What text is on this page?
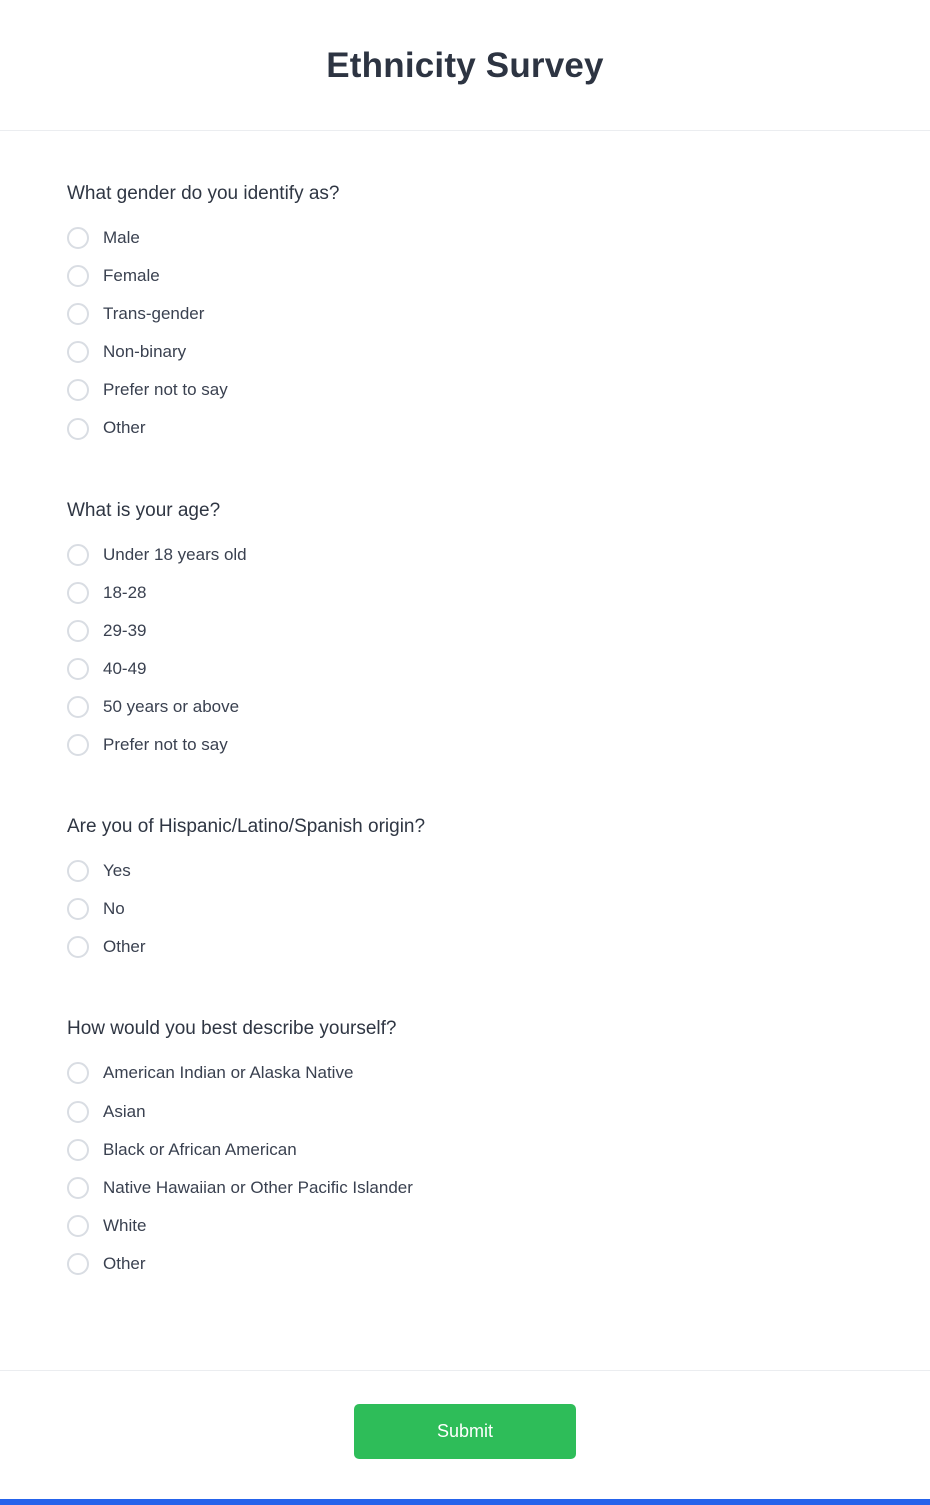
Ethnicity Survey
What gender do you identify as?
Male
Female
Trans-gender
Non-binary
Prefer not to say
Other
What is your age?
Under 18 years old
18-28
29-39
40-49
50 years or above
Prefer not to say
Are you of Hispanic/Latino/Spanish origin?
Yes
No
Other
How would you best describe yourself?
American Indian or Alaska Native
Asian
Black or African American
Native Hawaiian or Other Pacific Islander
White
Other
Submit
